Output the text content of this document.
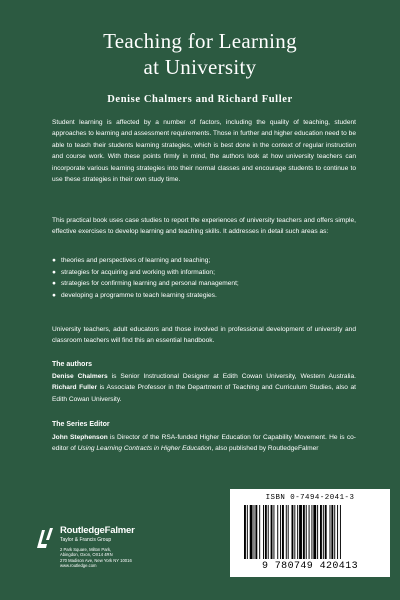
Teaching for Learning
at University
Denise Chalmers and Richard Fuller
Student learning is affected by a number of factors, including the quality of teaching, student approaches to learning and assessment requirements. Those in further and higher education need to be able to teach their students learning strategies, which is best done in the context of regular instruction and course work. With these points firmly in mind, the authors look at how university teachers can incorporate various learning strategies into their normal classes and encourage students to continue to use these strategies in their own study time.
This practical book uses case studies to report the experiences of university teachers and offers simple, effective exercises to develop learning and teaching skills. It addresses in detail such areas as:
● theories and perspectives of learning and teaching;
● strategies for acquiring and working with information;
● strategies for confirming learning and personal management;
● developing a programme to teach learning strategies.
University teachers, adult educators and those involved in professional development of university and classroom teachers will find this an essential handbook.
The authors
Denise Chalmers is Senior Instructional Designer at Edith Cowan University, Western Australia. Richard Fuller is Associate Professor in the Department of Teaching and Curriculum Studies, also at Edith Cowan University.
The Series Editor
John Stephenson is Director of the RSA-funded Higher Education for Capability Movement. He is co-editor of Using Learning Contracts in Higher Education, also published by RoutledgeFalmer
RoutledgeFalmer
Taylor & Francis Group
2 Park Square, Milton Park,
Abingdon, Oxon, OX14 4RN
270 Madison Ave, New York NY 10016
www.routledge.com
ISBN 0-7494-2041-3
9 780749 420413
